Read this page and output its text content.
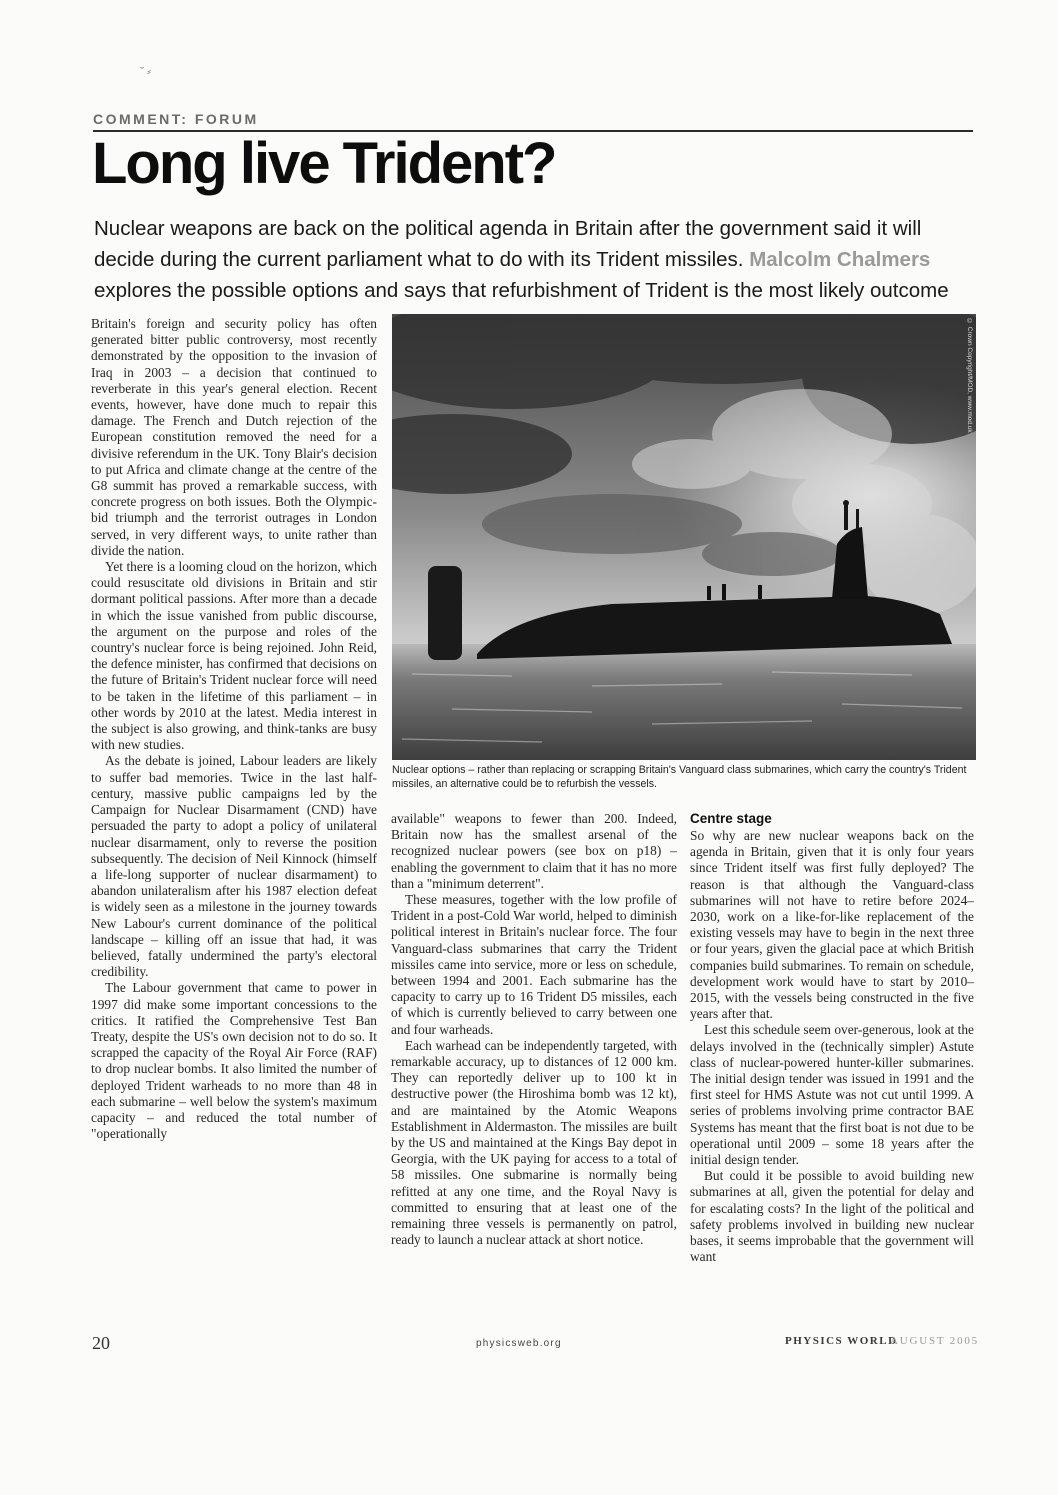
˘ ⸗
COMMENT: FORUM
Long live Trident?

Nuclear weapons are back on the political agenda in Britain after the government said it will decide during the current parliament what to do with its Trident missiles. Malcolm Chalmers explores the possible options and says that refurbishment of Trident is the most likely outcome

Britain's foreign and security policy has often generated bitter public controversy, most recently demonstrated by the opposition to the invasion of Iraq in 2003 – a decision that continued to reverberate in this year's general election. Recent events, however, have done much to repair this damage. The French and Dutch rejection of the European constitution removed the need for a divisive referendum in the UK. Tony Blair's decision to put Africa and climate change at the centre of the G8 summit has proved a remarkable success, with concrete progress on both issues. Both the Olympic-bid triumph and the terrorist outrages in London served, in very different ways, to unite rather than divide the nation.

Yet there is a looming cloud on the horizon, which could resuscitate old divisions in Britain and stir dormant political passions. After more than a decade in which the issue vanished from public discourse, the argument on the purpose and roles of the country's nuclear force is being rejoined. John Reid, the defence minister, has confirmed that decisions on the future of Britain's Trident nuclear force will need to be taken in the lifetime of this parliament – in other words by 2010 at the latest. Media interest in the subject is also growing, and think-tanks are busy with new studies.

As the debate is joined, Labour leaders are likely to suffer bad memories. Twice in the last half-century, massive public campaigns led by the Campaign for Nuclear Disarmament (CND) have persuaded the party to adopt a policy of unilateral nuclear disarmament, only to reverse the position subsequently. The decision of Neil Kinnock (himself a life-long supporter of nuclear disarmament) to abandon unilateralism after his 1987 election defeat is widely seen as a milestone in the journey towards New Labour's current dominance of the political landscape – killing off an issue that had, it was believed, fatally undermined the party's electoral credibility.

The Labour government that came to power in 1997 did make some important concessions to the critics. It ratified the Comprehensive Test Ban Treaty, despite the US's own decision not to do so. It scrapped the capacity of the Royal Air Force (RAF) to drop nuclear bombs. It also limited the number of deployed Trident warheads to no more than 48 in each submarine – well below the system's maximum capacity – and reduced the total number of "operationally

© Crown Copyright/MOD, www.mod.uk
Nuclear options – rather than replacing or scrapping Britain's Vanguard class submarines, which carry the country's Trident missiles, an alternative could be to refurbish the vessels.

available" weapons to fewer than 200. Indeed, Britain now has the smallest arsenal of the recognized nuclear powers (see box on p18) – enabling the government to claim that it has no more than a "minimum deterrent".

These measures, together with the low profile of Trident in a post-Cold War world, helped to diminish political interest in Britain's nuclear force. The four Vanguard-class submarines that carry the Trident missiles came into service, more or less on schedule, between 1994 and 2001. Each submarine has the capacity to carry up to 16 Trident D5 missiles, each of which is currently believed to carry between one and four warheads.

Each warhead can be independently targeted, with remarkable accuracy, up to distances of 12 000 km. They can reportedly deliver up to 100 kt in destructive power (the Hiroshima bomb was 12 kt), and are maintained by the Atomic Weapons Establishment in Aldermaston. The missiles are built by the US and maintained at the Kings Bay depot in Georgia, with the UK paying for access to a total of 58 missiles. One submarine is normally being refitted at any one time, and the Royal Navy is committed to ensuring that at least one of the remaining three vessels is permanently on patrol, ready to launch a nuclear attack at short notice.

Centre stage

So why are new nuclear weapons back on the agenda in Britain, given that it is only four years since Trident itself was first fully deployed? The reason is that although the Vanguard-class submarines will not have to retire before 2024–2030, work on a like-for-like replacement of the existing vessels may have to begin in the next three or four years, given the glacial pace at which British companies build submarines. To remain on schedule, development work would have to start by 2010–2015, with the vessels being constructed in the five years after that.

Lest this schedule seem over-generous, look at the delays involved in the (technically simpler) Astute class of nuclear-powered hunter-killer submarines. The initial design tender was issued in 1991 and the first steel for HMS Astute was not cut until 1999. A series of problems involving prime contractor BAE Systems has meant that the first boat is not due to be operational until 2009 – some 18 years after the initial design tender.

But could it be possible to avoid building new submarines at all, given the potential for delay and for escalating costs? In the light of the political and safety problems involved in building new nuclear bases, it seems improbable that the government will want

20	physicsweb.org	PHYSICS WORLD
AUGUST 2005
